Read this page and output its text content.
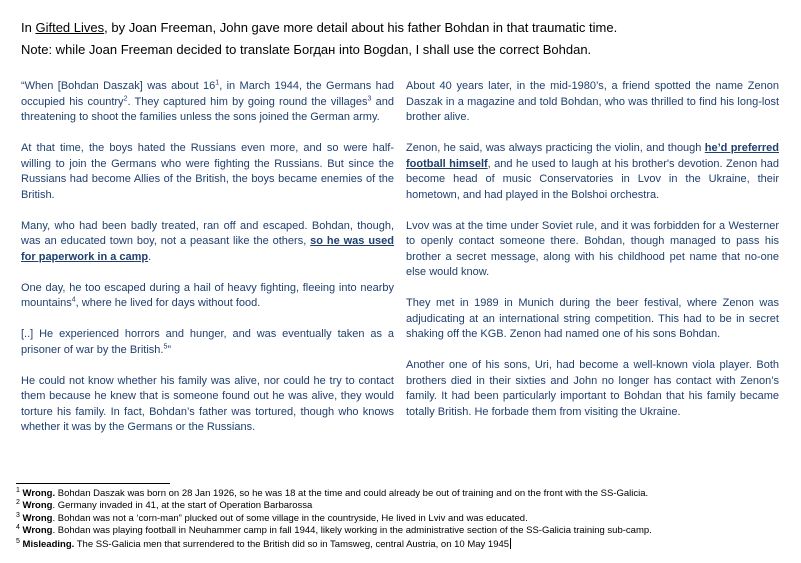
In Gifted Lives, by Joan Freeman, John gave more detail about his father Bohdan in that traumatic time.

Note: while Joan Freeman decided to translate Богдан into Bogdan, I shall use the correct Bohdan.

“When [Bohdan Daszak] was about $16^1$, in March 1944, the Germans had occupied his country$^2$. They captured him by going round the villages$^3$ and threatening to shoot the families unless the sons joined the German army.

At that time, the boys hated the Russians even more, and so were half-willing to join the Germans who were fighting the Russians. But since the Russians had become Allies of the British, the boys became enemies of the British.

Many, who had been badly treated, ran off and escaped. Bohdan, though, was an educated town boy, not a peasant like the others, so he was used for paperwork in a camp.

One day, he too escaped during a hail of heavy fighting, fleeing into nearby mountains$^4$, where he lived for days without food.

[..] He experienced horrors and hunger, and was eventually taken as a prisoner of war by the British.$^5$”

He could not know whether his family was alive, nor could he try to contact them because he knew that is someone found out he was alive, they would torture his family. In fact, Bohdan’s father was tortured, though who knows whether it was by the Germans or the Russians.

About 40 years later, in the mid-1980’s, a friend spotted the name Zenon Daszak in a magazine and told Bohdan, who was thrilled to find his long-lost brother alive.

Zenon, he said, was always practicing the violin, and though he’d preferred football himself, and he used to laugh at his brother's devotion. Zenon had become head of music Conservatories in Lvov in the Ukraine, their hometown, and had played in the Bolshoi orchestra.

Lvov was at the time under Soviet rule, and it was forbidden for a Westerner to openly contact someone there. Bohdan, though managed to pass his brother a secret message, along with his childhood pet name that no-one else would know.

They met in 1989 in Munich during the beer festival, where Zenon was adjudicating at an international string competition. This had to be in secret shaking off the KGB. Zenon had named one of his sons Bohdan.

Another one of his sons, Uri, had become a well-known viola player. Both brothers died in their sixties and John no longer has contact with Zenon’s family. It had been particularly important to Bohdan that his family became totally British. He forbade them from visiting the Ukraine.

$^1$ Wrong. Bohdan Daszak was born on 28 Jan 1926, so he was 18 at the time and could already be out of training and on the front with the SS-Galicia.
$^2$ Wrong. Germany invaded in 41, at the start of Operation Barbarossa
$^3$ Wrong. Bohdan was not a ‘corn-man” plucked out of some village in the countryside, He lived in Lviv and was educated.
$^4$ Wrong. Bohdan was playing football in Neuhammer camp in fall 1944, likely working in the administrative section of the SS-Galicia training sub-camp.
$^5$ Misleading. The SS-Galicia men that surrendered to the British did so in Tamsweg, central Austria, on 10 May 1945
